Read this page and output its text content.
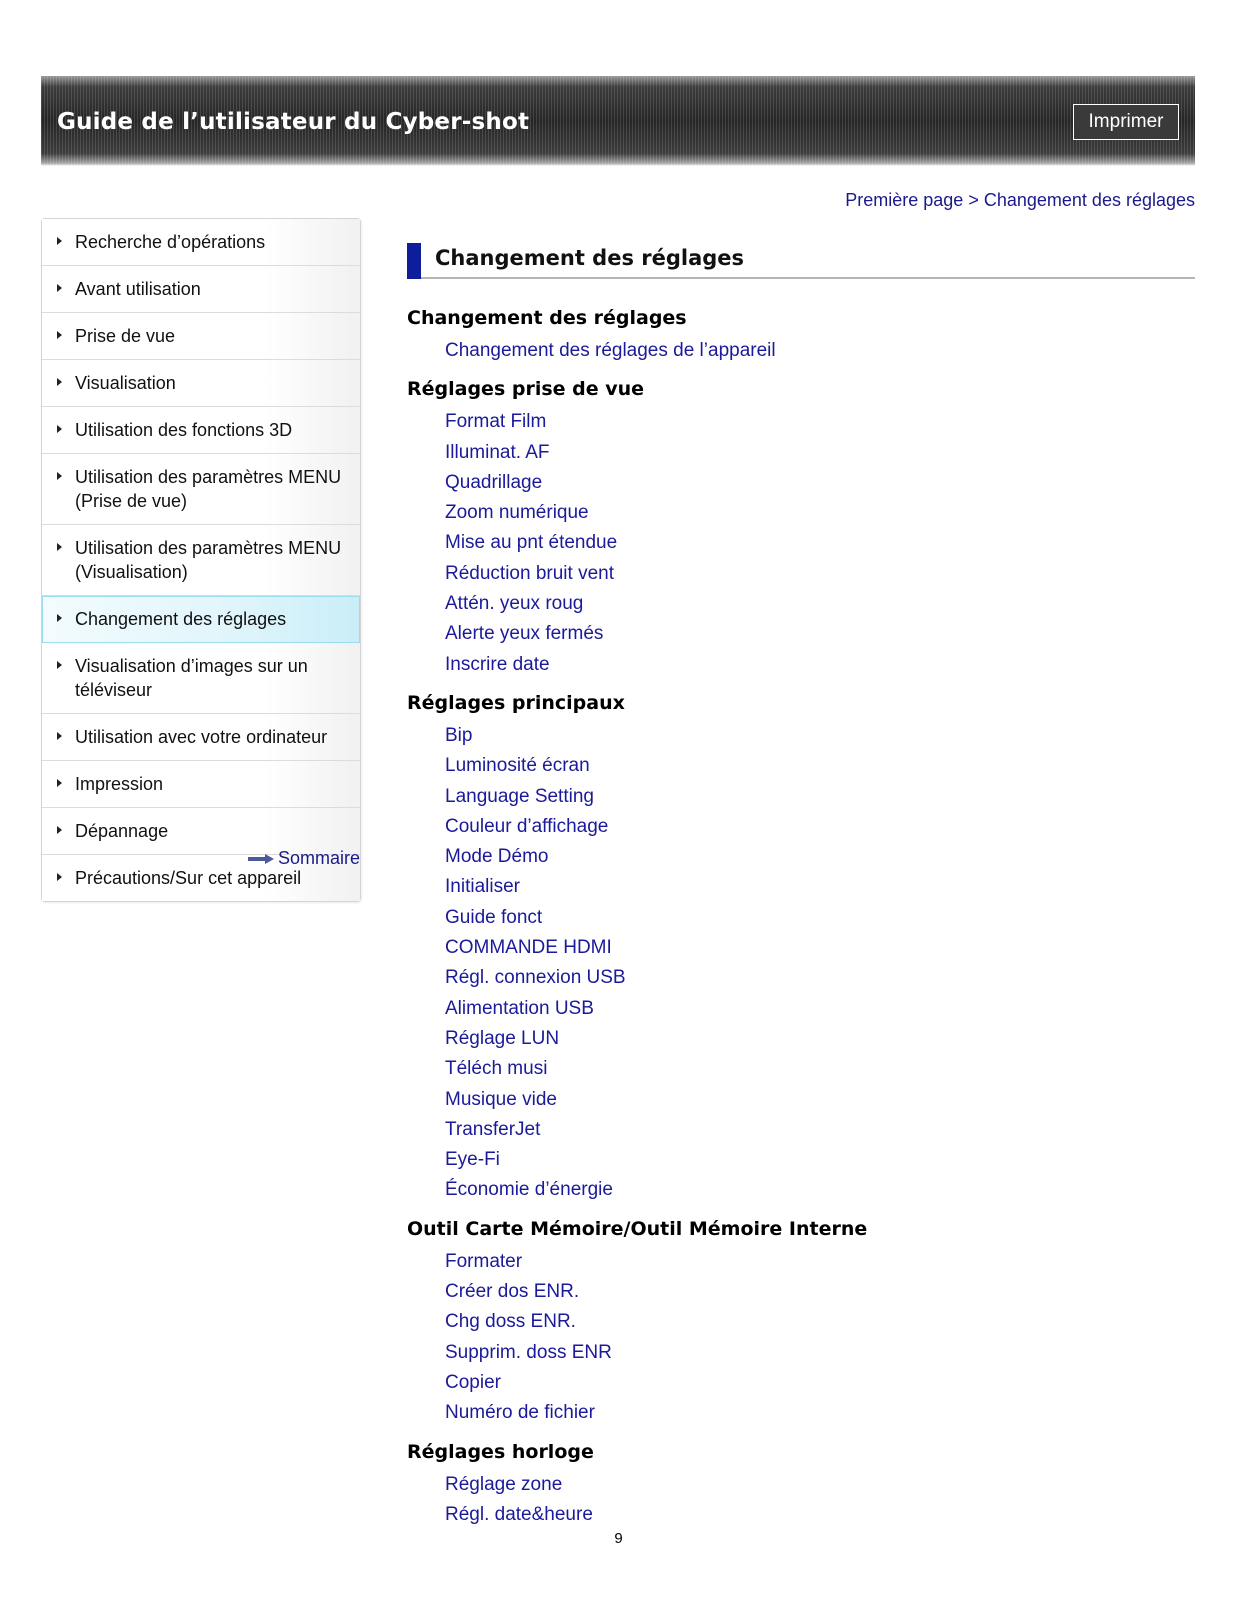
Guide de l’utilisateur du Cyber-shot	Imprimer
Première page > Changement des réglages
Recherche d’opérations
Avant utilisation
Prise de vue
Visualisation
Utilisation des fonctions 3D
Utilisation des paramètres MENU (Prise de vue)
Utilisation des paramètres MENU (Visualisation)
Changement des réglages
Visualisation d’images sur un téléviseur
Utilisation avec votre ordinateur
Impression
Dépannage
Précautions/Sur cet appareil
Sommaire
Changement des réglages
Changement des réglages
Changement des réglages de l’appareil
Réglages prise de vue
Format Film
Illuminat. AF
Quadrillage
Zoom numérique
Mise au pnt étendue
Réduction bruit vent
Attén. yeux roug
Alerte yeux fermés
Inscrire date
Réglages principaux
Bip
Luminosité écran
Language Setting
Couleur d’affichage
Mode Démo
Initialiser
Guide fonct
COMMANDE HDMI
Régl. connexion USB
Alimentation USB
Réglage LUN
Téléch musi
Musique vide
TransferJet
Eye-Fi
Économie d’énergie
Outil Carte Mémoire/Outil Mémoire Interne
Formater
Créer dos ENR.
Chg doss ENR.
Supprim. doss ENR
Copier
Numéro de fichier
Réglages horloge
Réglage zone
Régl. date&heure
9
